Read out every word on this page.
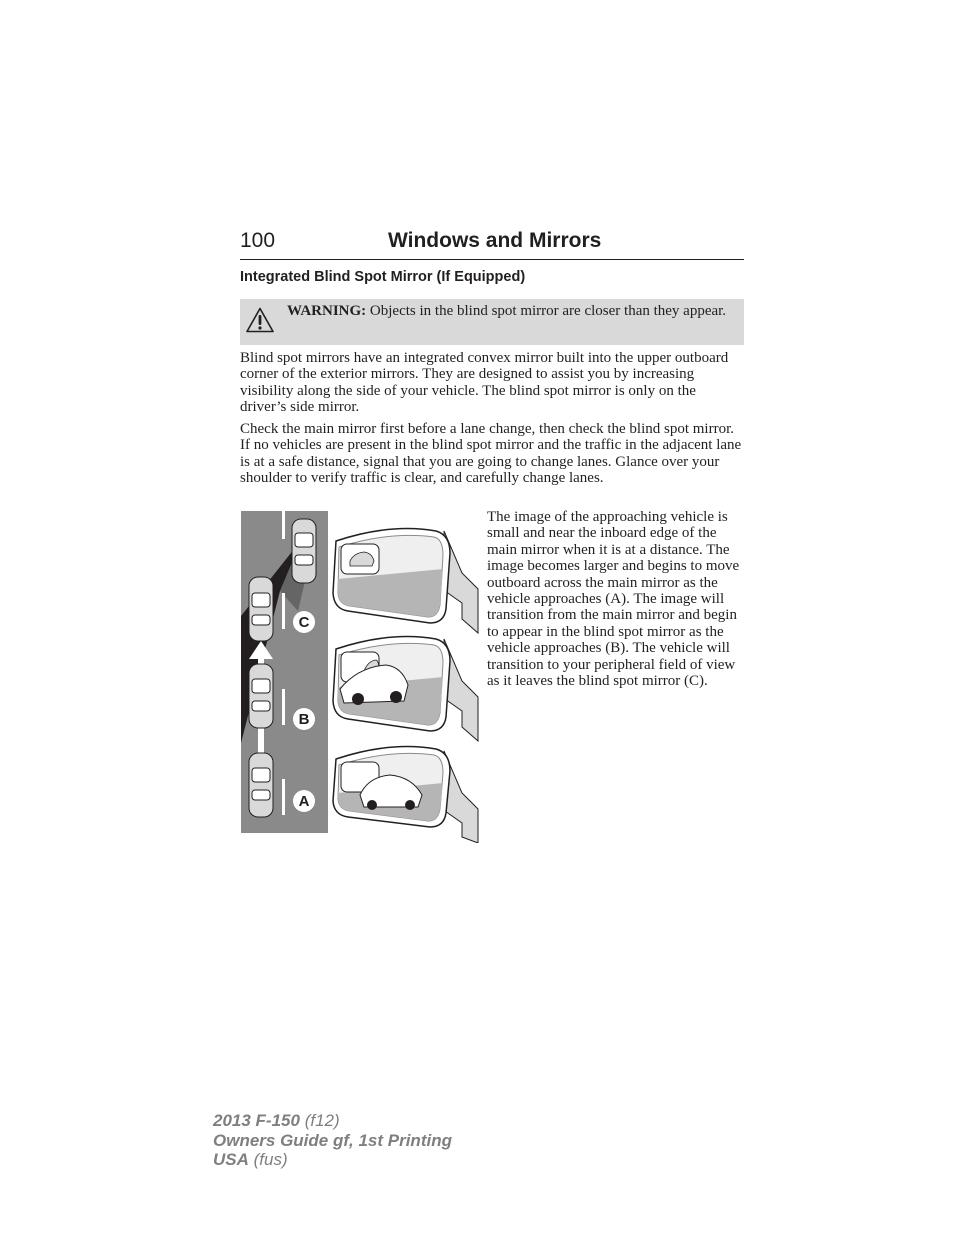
100	Windows and Mirrors
Integrated Blind Spot Mirror (If Equipped)
WARNING: Objects in the blind spot mirror are closer than they appear.

Blind spot mirrors have an integrated convex mirror built into the upper outboard corner of the exterior mirrors. They are designed to assist you by increasing visibility along the side of your vehicle. The blind spot mirror is only on the driver’s side mirror.

Check the main mirror first before a lane change, then check the blind spot mirror. If no vehicles are present in the blind spot mirror and the traffic in the adjacent lane is at a safe distance, signal that you are going to change lanes. Glance over your shoulder to verify traffic is clear, and carefully change lanes.

C
B
A

The image of the approaching vehicle is small and near the inboard edge of the main mirror when it is at a distance. The image becomes larger and begins to move outboard across the main mirror as the vehicle approaches (A). The image will transition from the main mirror and begin to appear in the blind spot mirror as the vehicle approaches (B). The vehicle will transition to your peripheral field of view as it leaves the blind spot mirror (C).

2013 F-150 (f12)
Owners Guide gf, 1st Printing
USA (fus)
